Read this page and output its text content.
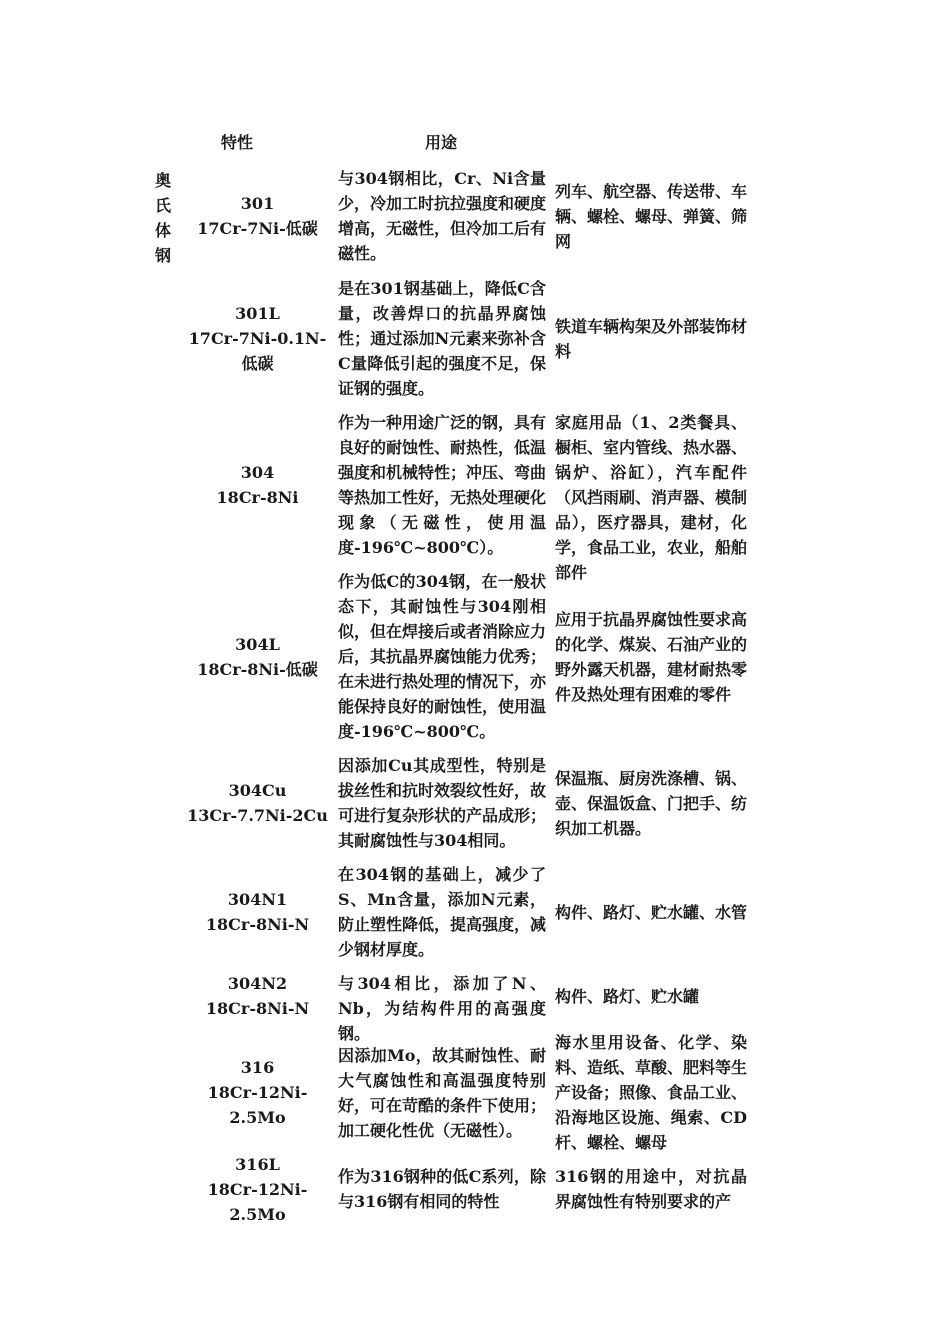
特性	用途
奥
氏
体
钢
301
17Cr-7Ni-低碳
与304钢相比，Cr、Ni含量少，冷加工时抗拉强度和硬度增高，无磁性，但冷加工后有磁性。
列车、航空器、传送带、车辆、螺栓、螺母、弹簧、筛网
301L
17Cr-7Ni-0.1N-低碳
是在301钢基础上，降低C含量，改善焊口的抗晶界腐蚀性；通过添加N元素来弥补含C量降低引起的强度不足，保证钢的强度。
铁道车辆构架及外部装饰材料
304
18Cr-8Ni
作为一种用途广泛的钢，具有良好的耐蚀性、耐热性，低温强度和机械特性；冲压、弯曲等热加工性好，无热处理硬化现象（无磁性，使用温度-196℃~800℃）。
家庭用品（1、2类餐具、橱柜、室内管线、热水器、锅炉、浴缸），汽车配件（风挡雨刷、消声器、模制品），医疗器具，建材，化学，食品工业，农业，船舶部件
304L
18Cr-8Ni-低碳
作为低C的304钢，在一般状态下，其耐蚀性与304刚相似，但在焊接后或者消除应力后，其抗晶界腐蚀能力优秀；在未进行热处理的情况下，亦能保持良好的耐蚀性，使用温度-196℃~800℃。
应用于抗晶界腐蚀性要求高的化学、煤炭、石油产业的野外露天机器，建材耐热零件及热处理有困难的零件
304Cu
13Cr-7.7Ni-2Cu
因添加Cu其成型性，特别是拔丝性和抗时效裂纹性好，故可进行复杂形状的产品成形；其耐腐蚀性与304相同。
保温瓶、厨房洗涤槽、锅、壶、保温饭盒、门把手、纺织加工机器。
304N1
18Cr-8Ni-N
在304钢的基础上，减少了S、Mn含量，添加N元素，防止塑性降低，提高强度，减少钢材厚度。
构件、路灯、贮水罐、水管
304N2
18Cr-8Ni-N
与304相比，添加了N、Nb，为结构件用的高强度钢。
构件、路灯、贮水罐
316
18Cr-12Ni-2.5Mo
因添加Mo，故其耐蚀性、耐大气腐蚀性和高温强度特别好，可在苛酷的条件下使用；加工硬化性优（无磁性）。
海水里用设备、化学、染料、造纸、草酸、肥料等生产设备；照像、食品工业、沿海地区设施、绳索、CD杆、螺栓、螺母
316L
18Cr-12Ni-2.5Mo
作为316钢种的低C系列，除与316钢有相同的特性
316钢的用途中，对抗晶界腐蚀性有特别要求的产
